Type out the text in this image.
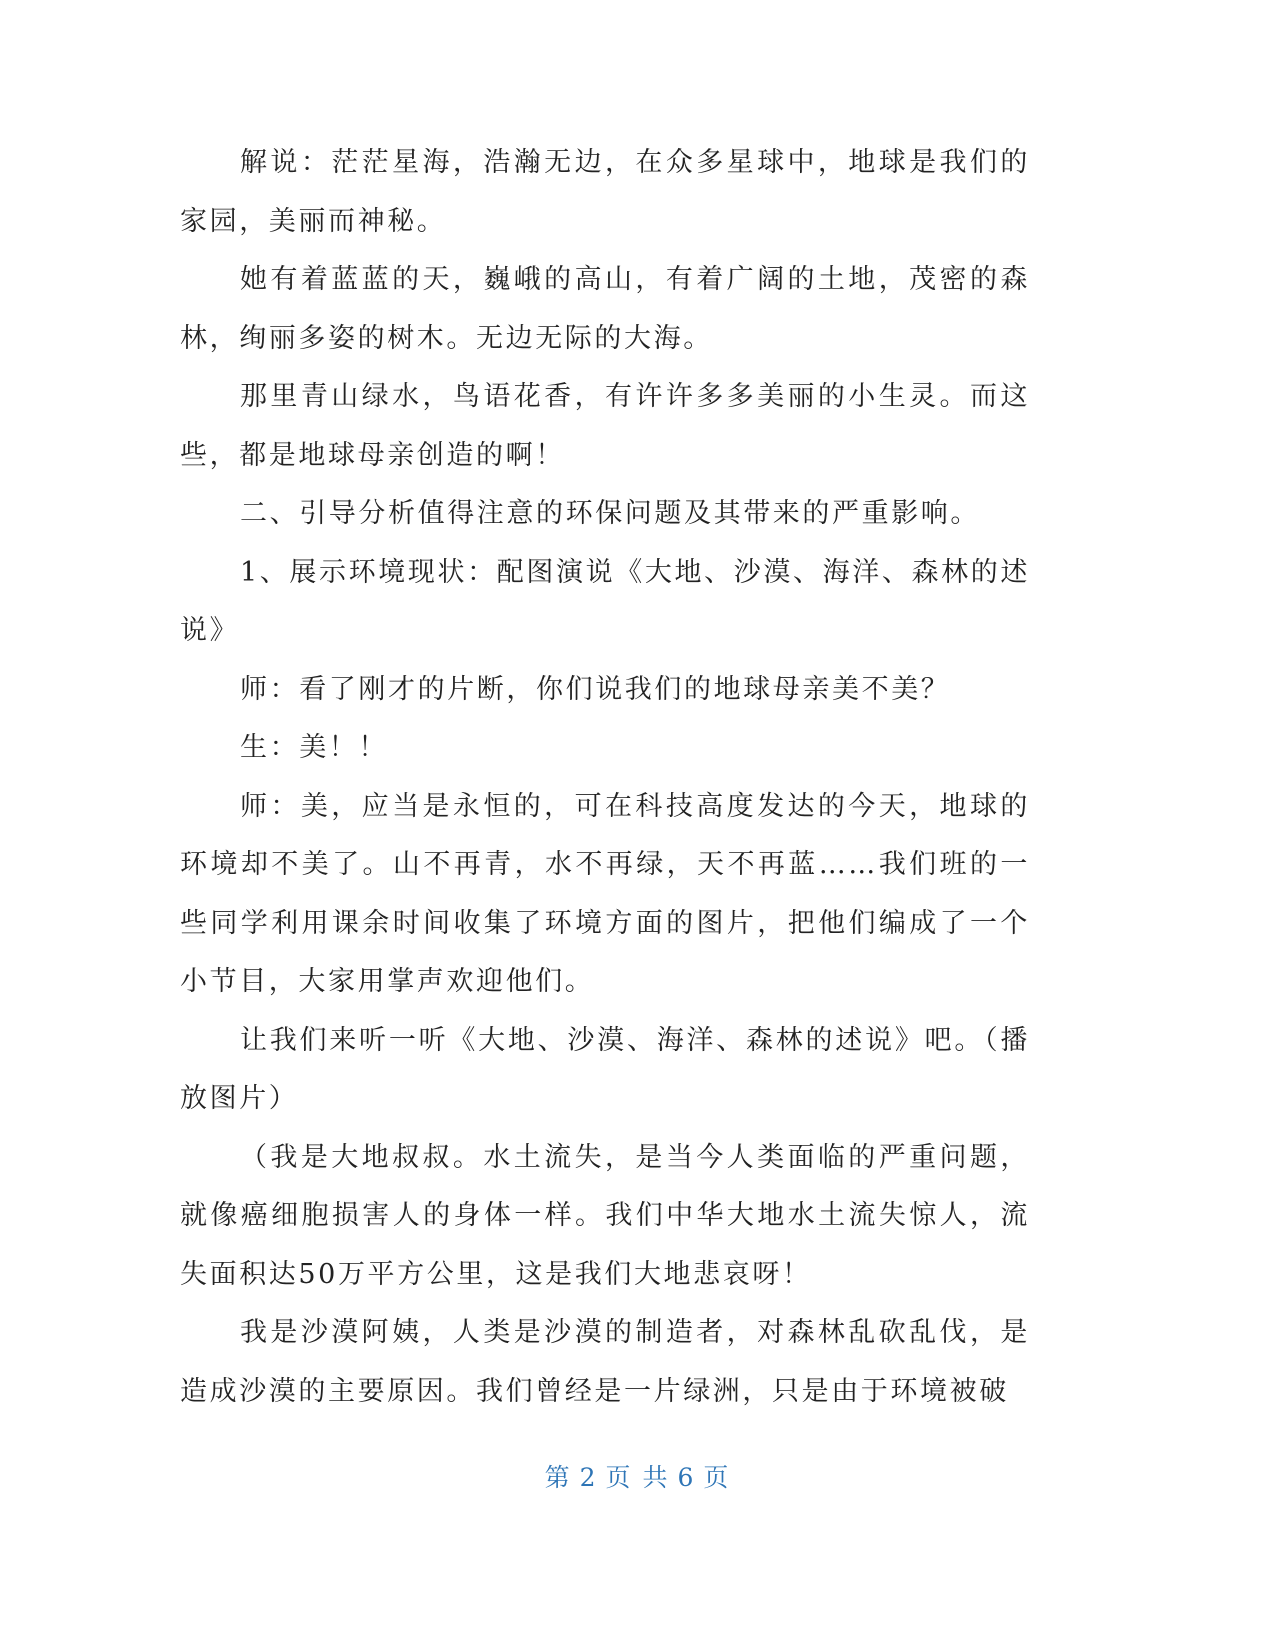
解说：茫茫星海，浩瀚无边，在众多星球中，地球是我们的家园，美丽而神秘。

她有着蓝蓝的天，巍峨的高山，有着广阔的土地，茂密的森林，绚丽多姿的树木。无边无际的大海。

那里青山绿水，鸟语花香，有许许多多美丽的小生灵。而这些，都是地球母亲创造的啊！

二、引导分析值得注意的环保问题及其带来的严重影响。

1、展示环境现状：配图演说《大地、沙漠、海洋、森林的述说》

师：看了刚才的片断，你们说我们的地球母亲美不美？

生：美！！

师：美，应当是永恒的，可在科技高度发达的今天，地球的环境却不美了。山不再青，水不再绿，天不再蓝……我们班的一些同学利用课余时间收集了环境方面的图片，把他们编成了一个小节目，大家用掌声欢迎他们。

让我们来听一听《大地、沙漠、海洋、森林的述说》吧。（播放图片）

（我是大地叔叔。水土流失，是当今人类面临的严重问题，就像癌细胞损害人的身体一样。我们中华大地水土流失惊人，流失面积达50万平方公里，这是我们大地悲哀呀！

我是沙漠阿姨，人类是沙漠的制造者，对森林乱砍乱伐，是造成沙漠的主要原因。我们曾经是一片绿洲，只是由于环境被破

第 2 页 共 6 页
